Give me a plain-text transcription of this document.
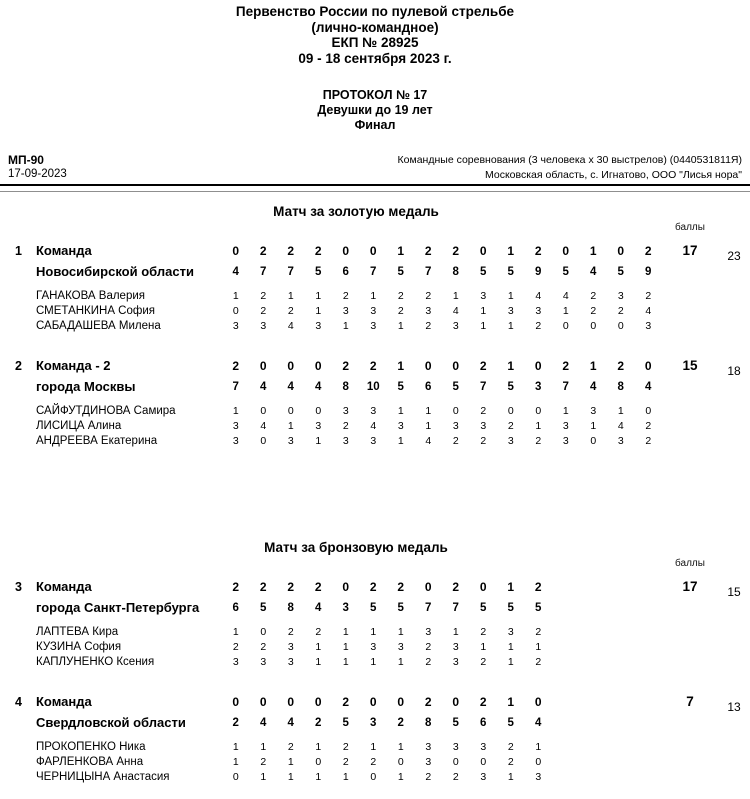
Первенство России по пулевой стрельбе
(лично-командное)
ЕКП № 28925
09 - 18 сентября 2023 г.
ПРОТОКОЛ № 17
Девушки до 19 лет
Финал
МП-90
17-09-2023
Командные соревнования (3 человека х 30 выстрелов) (0440531811Я)
Московская область, с. Игнатово, ООО "Лисья нора"
Матч за золотую медаль
баллы
1	Команда	0	2	2	2	0	0	1	2	2	0	1	2	0	1	0	2	17	23
Новосибирской области	4	7	7	5	6	7	5	7	8	5	5	9	5	4	5	9
ГАНАКОВА Валерия	1	2	1	1	2	1	2	2	1	3	1	4	4	2	3	2
СМЕТАНКИНА София	0	2	2	1	3	3	2	3	4	1	3	3	1	2	2	4
САБАДАШЕВА Милена	3	3	4	3	1	3	1	2	3	1	1	2	0	0	0	3
2	Команда - 2	2	0	0	0	2	2	1	0	0	2	1	0	2	1	2	0	15	18
города Москвы	7	4	4	4	8	10	5	6	5	7	5	3	7	4	8	4
САЙФУТДИНОВА Самира	1	0	0	0	3	3	1	1	0	2	0	0	1	3	1	0
ЛИСИЦА Алина	3	4	1	3	2	4	3	1	3	3	2	1	3	1	4	2
АНДРЕЕВА Екатерина	3	0	3	1	3	3	1	4	2	2	3	2	3	0	3	2
Матч за бронзовую медаль
баллы
3	Команда	2	2	2	2	0	2	2	0	2	0	1	2	17	15
города Санкт-Петербурга	6	5	8	4	3	5	5	7	7	5	5	5
ЛАПТЕВА Кира	1	0	2	2	1	1	1	3	1	2	3	2
КУЗИНА София	2	2	3	1	1	3	3	2	3	1	1	1
КАПЛУНЕНКО Ксения	3	3	3	1	1	1	1	2	3	2	1	2
4	Команда	0	0	0	0	2	0	0	2	0	2	1	0	7	13
Свердловской области	2	4	4	2	5	3	2	8	5	6	5	4
ПРОКОПЕНКО Ника	1	1	2	1	2	1	1	3	3	3	2	1
ФАРЛЕНКОВА Анна	1	2	1	0	2	2	0	3	0	0	2	0
ЧЕРНИЦЫНА Анастасия	0	1	1	1	1	0	1	2	2	3	1	3
